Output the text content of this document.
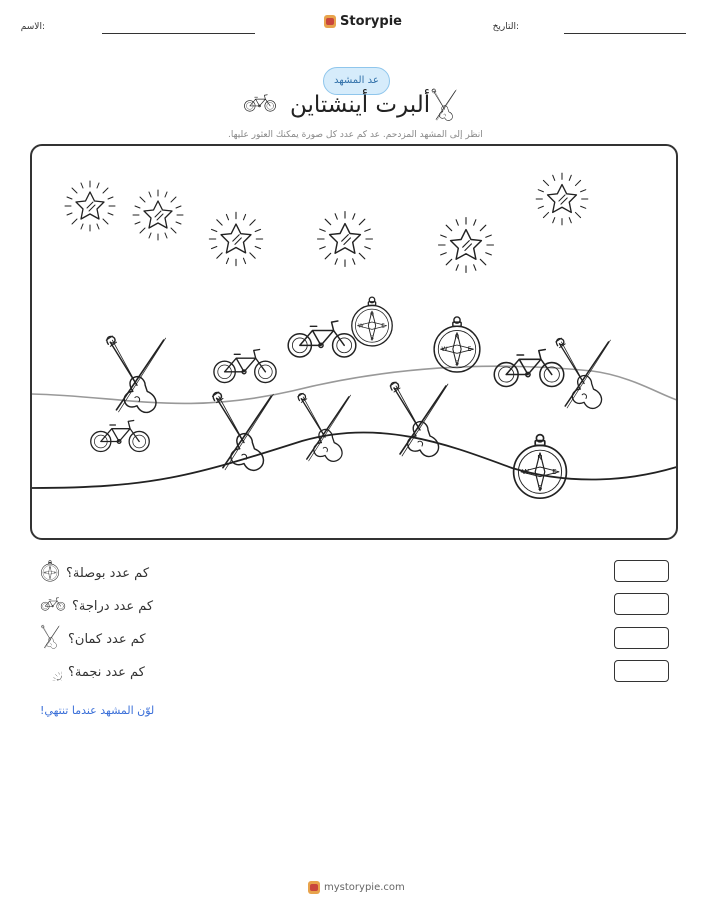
الاسم:	Storypie	التاريخ:
عد المشهد
ألبرت أينشتاين
انظر إلى المشهد المزدحم. عد كم عدد كل صورة يمكنك العثور عليها.
كم عدد بوصلة؟
كم عدد دراجة؟
كم عدد كمان؟
كم عدد نجمة؟
لوّن المشهد عندما تنتهي!
mystorypie.com
